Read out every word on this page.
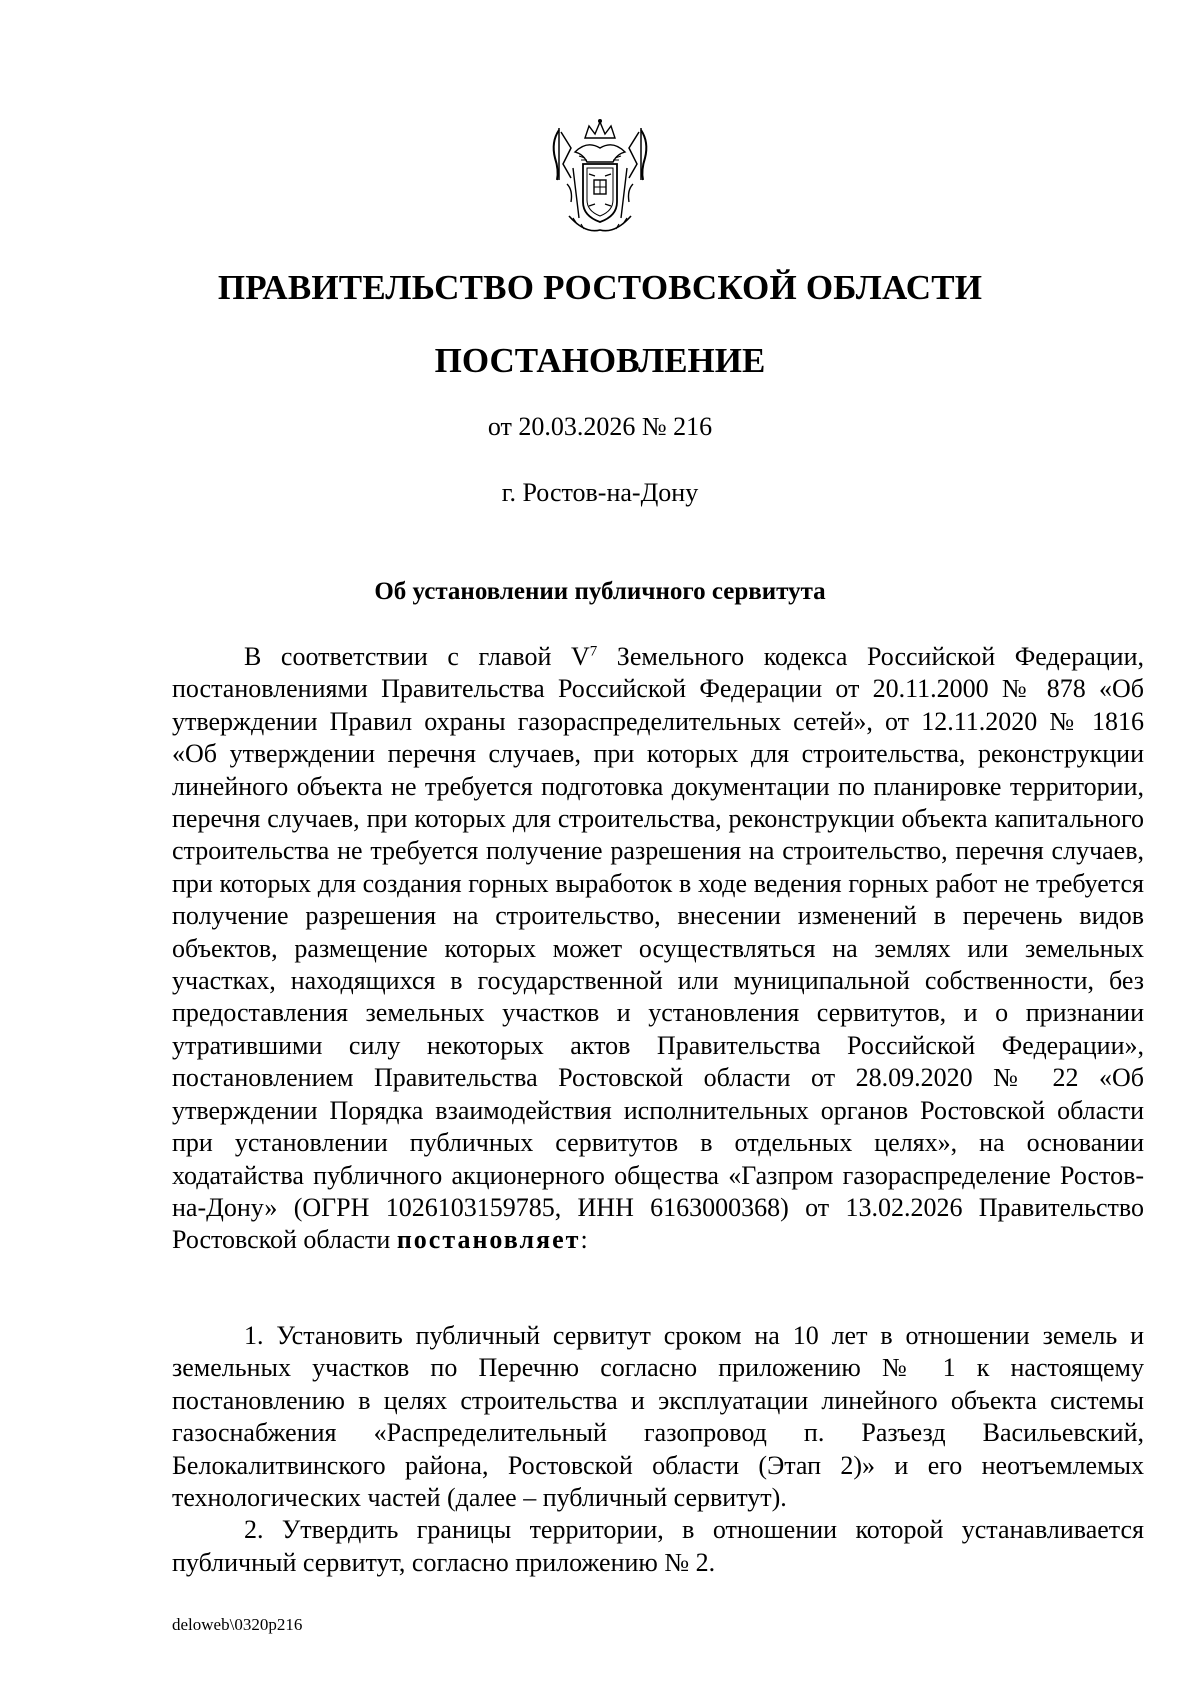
ПРАВИТЕЛЬСТВО РОСТОВСКОЙ ОБЛАСТИ
ПОСТАНОВЛЕНИЕ
от 20.03.2026 № 216
г. Ростов-на-Дону
Об установлении публичного сервитута

В соответствии с главой $V^7$ Земельного кодекса Российской Федерации, постановлениями Правительства Российской Федерации от 20.11.2000 № 878 «Об утверждении Правил охраны газораспределительных сетей», от 12.11.2020 № 1816 «Об утверждении перечня случаев, при которых для строительства, реконструкции линейного объекта не требуется подготовка документации по планировке территории, перечня случаев, при которых для строительства, реконструкции объекта капитального строительства не требуется получение разрешения на строительство, перечня случаев, при которых для создания горных выработок в ходе ведения горных работ не требуется получение разрешения на строительство, внесении изменений в перечень видов объектов, размещение которых может осуществляться на землях или земельных участках, находящихся в государственной или муниципальной собственности, без предоставления земельных участков и установления сервитутов, и о признании утратившими силу некоторых актов Правительства Российской Федерации», постановлением Правительства Ростовской области от 28.09.2020 № 22 «Об утверждении Порядка взаимодействия исполнительных органов Ростовской области при установлении публичных сервитутов в отдельных целях», на основании ходатайства публичного акционерного общества «Газпром газораспределение Ростов-на-Дону» (ОГРН 1026103159785, ИНН 6163000368) от 13.02.2026 Правительство Ростовской области постановляет:

1. Установить публичный сервитут сроком на 10 лет в отношении земель и земельных участков по Перечню согласно приложению № 1 к настоящему постановлению в целях строительства и эксплуатации линейного объекта системы газоснабжения «Распределительный газопровод п. Разъезд Васильевский, Белокалитвинского района, Ростовской области (Этап 2)» и его неотъемлемых технологических частей (далее – публичный сервитут).

2. Утвердить границы территории, в отношении которой устанавливается публичный сервитут, согласно приложению № 2.

deloweb\0320p216
